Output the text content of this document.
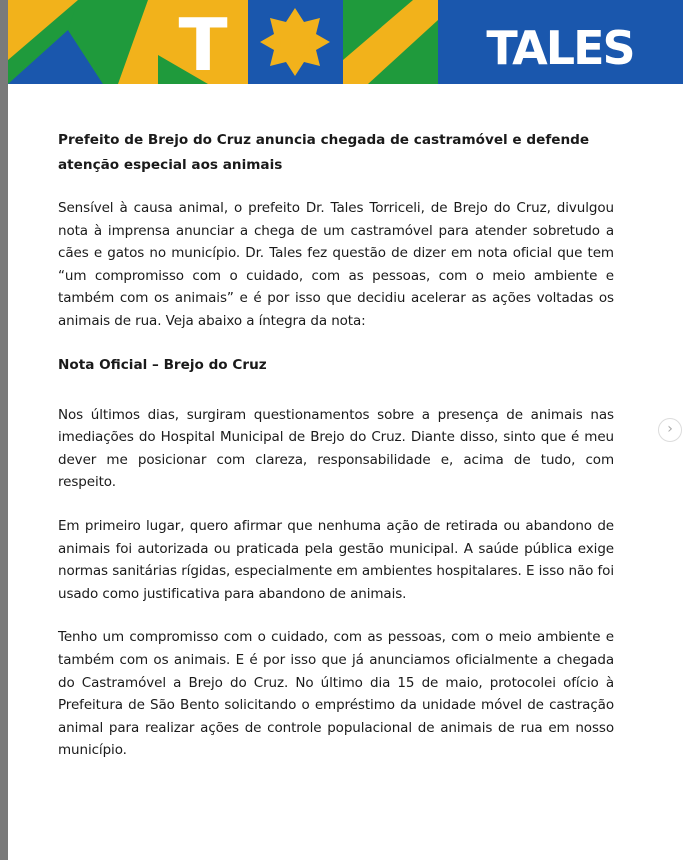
T	TALES

Prefeito de Brejo do Cruz anuncia chegada de castramóvel e defende atenção especial aos animais

Sensível à causa animal, o prefeito Dr. Tales Torriceli, de Brejo do Cruz, divulgou nota à imprensa anunciar a chega de um castramóvel para atender sobretudo a cães e gatos no município. Dr. Tales fez questão de dizer em nota oficial que tem “um compromisso com o cuidado, com as pessoas, com o meio ambiente e também com os animais” e é por isso que decidiu acelerar as ações voltadas os animais de rua. Veja abaixo a íntegra da nota:

Nota Oficial – Brejo do Cruz

Nos últimos dias, surgiram questionamentos sobre a presença de animais nas imediações do Hospital Municipal de Brejo do Cruz. Diante disso, sinto que é meu dever me posicionar com clareza, responsabilidade e, acima de tudo, com respeito.

Em primeiro lugar, quero afirmar que nenhuma ação de retirada ou abandono de animais foi autorizada ou praticada pela gestão municipal. A saúde pública exige normas sanitárias rígidas, especialmente em ambientes hospitalares. E isso não foi usado como justificativa para abandono de animais.

Tenho um compromisso com o cuidado, com as pessoas, com o meio ambiente e também com os animais. E é por isso que já anunciamos oficialmente a chegada do Castramóvel a Brejo do Cruz. No último dia 15 de maio, protocolei ofício à Prefeitura de São Bento solicitando o empréstimo da unidade móvel de castração animal para realizar ações de controle populacional de animais de rua em nosso município.

›
